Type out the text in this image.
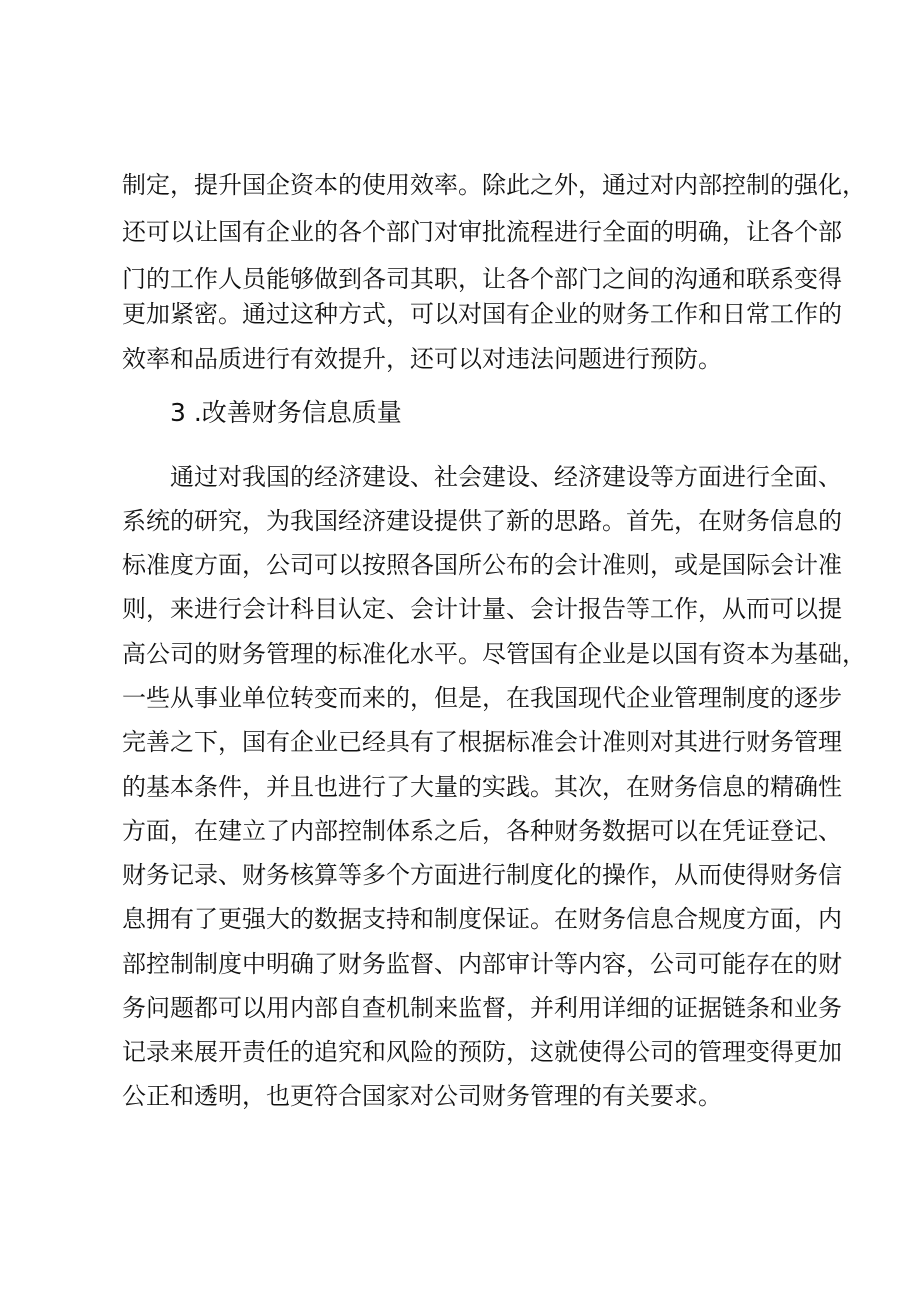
制定，提升国企资本的使用效率。除此之外，通过对内部控制的强化，
还可以让国有企业的各个部门对审批流程进行全面的明确，让各个部
门的工作人员能够做到各司其职，让各个部门之间的沟通和联系变得
更加紧密。通过这种方式，可以对国有企业的财务工作和日常工作的
效率和品质进行有效提升，还可以对违法问题进行预防。
3 .改善财务信息质量
通过对我国的经济建设、社会建设、经济建设等方面进行全面、
系统的研究，为我国经济建设提供了新的思路。首先，在财务信息的
标准度方面，公司可以按照各国所公布的会计准则，或是国际会计准
则，来进行会计科目认定、会计计量、会计报告等工作，从而可以提
高公司的财务管理的标准化水平。尽管国有企业是以国有资本为基础，
一些从事业单位转变而来的，但是，在我国现代企业管理制度的逐步
完善之下，国有企业已经具有了根据标准会计准则对其进行财务管理
的基本条件，并且也进行了大量的实践。其次，在财务信息的精确性
方面，在建立了内部控制体系之后，各种财务数据可以在凭证登记、
财务记录、财务核算等多个方面进行制度化的操作，从而使得财务信
息拥有了更强大的数据支持和制度保证。在财务信息合规度方面，内
部控制制度中明确了财务监督、内部审计等内容，公司可能存在的财
务问题都可以用内部自查机制来监督，并利用详细的证据链条和业务
记录来展开责任的追究和风险的预防，这就使得公司的管理变得更加
公正和透明，也更符合国家对公司财务管理的有关要求。
